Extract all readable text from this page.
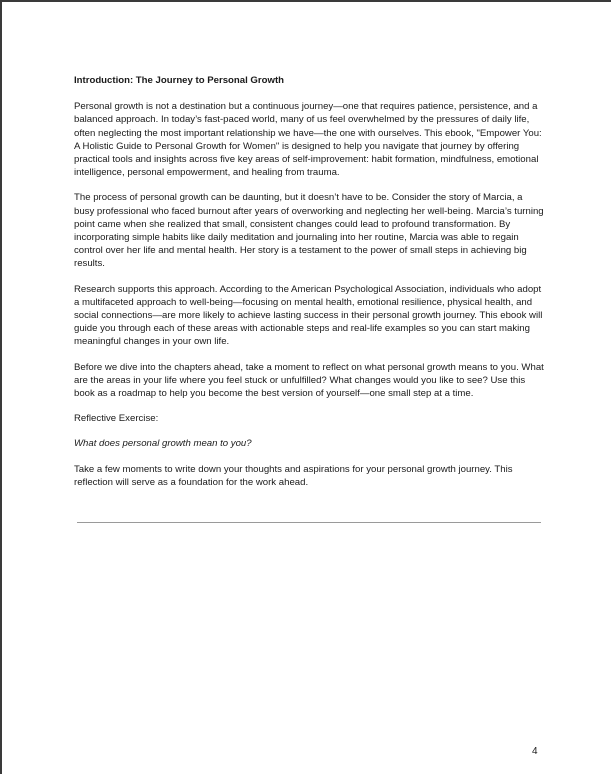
Introduction: The Journey to Personal Growth

Personal growth is not a destination but a continuous journey—one that requires patience, persistence, and a balanced approach. In today’s fast-paced world, many of us feel overwhelmed by the pressures of daily life, often neglecting the most important relationship we have—the one with ourselves. This ebook, "Empower You: A Holistic Guide to Personal Growth for Women" is designed to help you navigate that journey by offering practical tools and insights across five key areas of self-improvement: habit formation, mindfulness, emotional intelligence, personal empowerment, and healing from trauma.

The process of personal growth can be daunting, but it doesn’t have to be. Consider the story of Marcia, a busy professional who faced burnout after years of overworking and neglecting her well-being. Marcia’s turning point came when she realized that small, consistent changes could lead to profound transformation. By incorporating simple habits like daily meditation and journaling into her routine, Marcia was able to regain control over her life and mental health. Her story is a testament to the power of small steps in achieving big results.

Research supports this approach. According to the American Psychological Association, individuals who adopt a multifaceted approach to well-being—focusing on mental health, emotional resilience, physical health, and social connections—are more likely to achieve lasting success in their personal growth journey. This ebook will guide you through each of these areas with actionable steps and real-life examples so you can start making meaningful changes in your own life.

Before we dive into the chapters ahead, take a moment to reflect on what personal growth means to you. What are the areas in your life where you feel stuck or unfulfilled? What changes would you like to see? Use this book as a roadmap to help you become the best version of yourself—one small step at a time.

Reflective Exercise:

What does personal growth mean to you?

Take a few moments to write down your thoughts and aspirations for your personal growth journey. This reflection will serve as a foundation for the work ahead.

4
